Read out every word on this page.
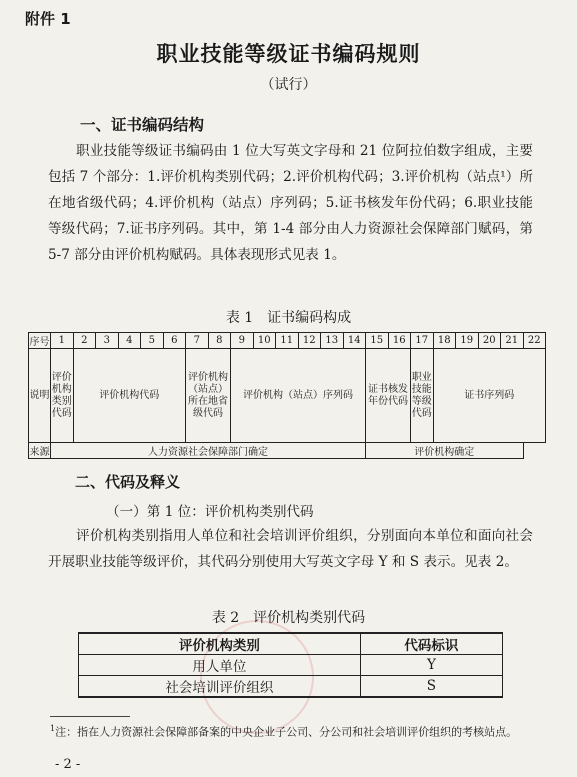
附件 1
职业技能等级证书编码规则
（试行）
一、证书编码结构
职业技能等级证书编码由 1 位大写英文字母和 21 位阿拉伯数字组成，主要包括 7 个部分：1.评价机构类别代码；2.评价机构代码；3.评价机构（站点¹）所在地省级代码；4.评价机构（站点）序列码；5.证书核发年份代码；6.职业技能等级代码；7.证书序列码。其中，第 1-4 部分由人力资源社会保障部门赋码，第 5-7 部分由评价机构赋码。具体表现形式见表 1。
表 1　证书编码构成
序号	1	2	3	4	5	6	7	8	9	10	11	12	13	14	15	16	17	18	19	20	21	22
说明	评价机构类别代码	评价机构代码					评价机构（站点）所在地省级代码		评价机构（站点）序列码						证书核发年份代码		职业技能等级代码	证书序列码				
来源	人力资源社会保障部门确定														评价机构确定							
二、代码及释义
（一）第 1 位：评价机构类别代码
评价机构类别指用人单位和社会培训评价组织，分别面向本单位和面向社会开展职业技能等级评价，其代码分别使用大写英文字母 Y 和 S 表示。见表 2。
表 2　评价机构类别代码
评价机构类别	代码标识
用人单位	Y
社会培训评价组织	S
$^1$注：指在人力资源社会保障部备案的中央企业子公司、分公司和社会培训评价组织的考核站点。
- 2 -
